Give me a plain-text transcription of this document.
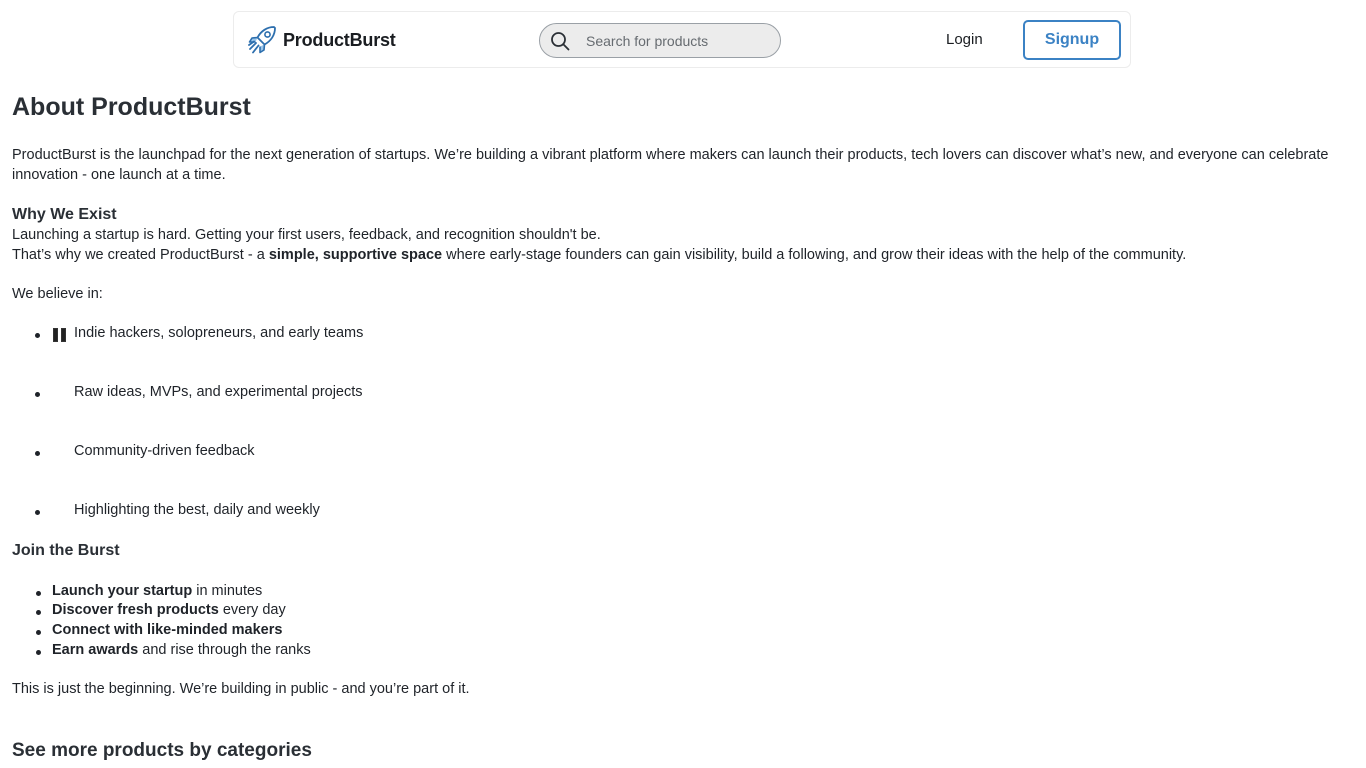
ProductBurst
Search for products	Login	Signup
About ProductBurst

ProductBurst is the launchpad for the next generation of startups. We’re building a vibrant platform where makers can launch their products, tech lovers can discover what’s new, and everyone can celebrate innovation - one launch at a time.

Why We Exist
Launching a startup is hard. Getting your first users, feedback, and recognition shouldn't be.
That’s why we created ProductBurst - a simple, supportive space where early-stage founders can gain visibility, build a following, and grow their ideas with the help of the community.
We believe in:
Indie hackers, solopreneurs, and early teams
Raw ideas, MVPs, and experimental projects
Community-driven feedback
Highlighting the best, daily and weekly
Join the Burst
Launch your startup in minutes
Discover fresh products every day
Connect with like-minded makers
Earn awards and rise through the ranks
This is just the beginning. We’re building in public - and you’re part of it.
See more products by categories
